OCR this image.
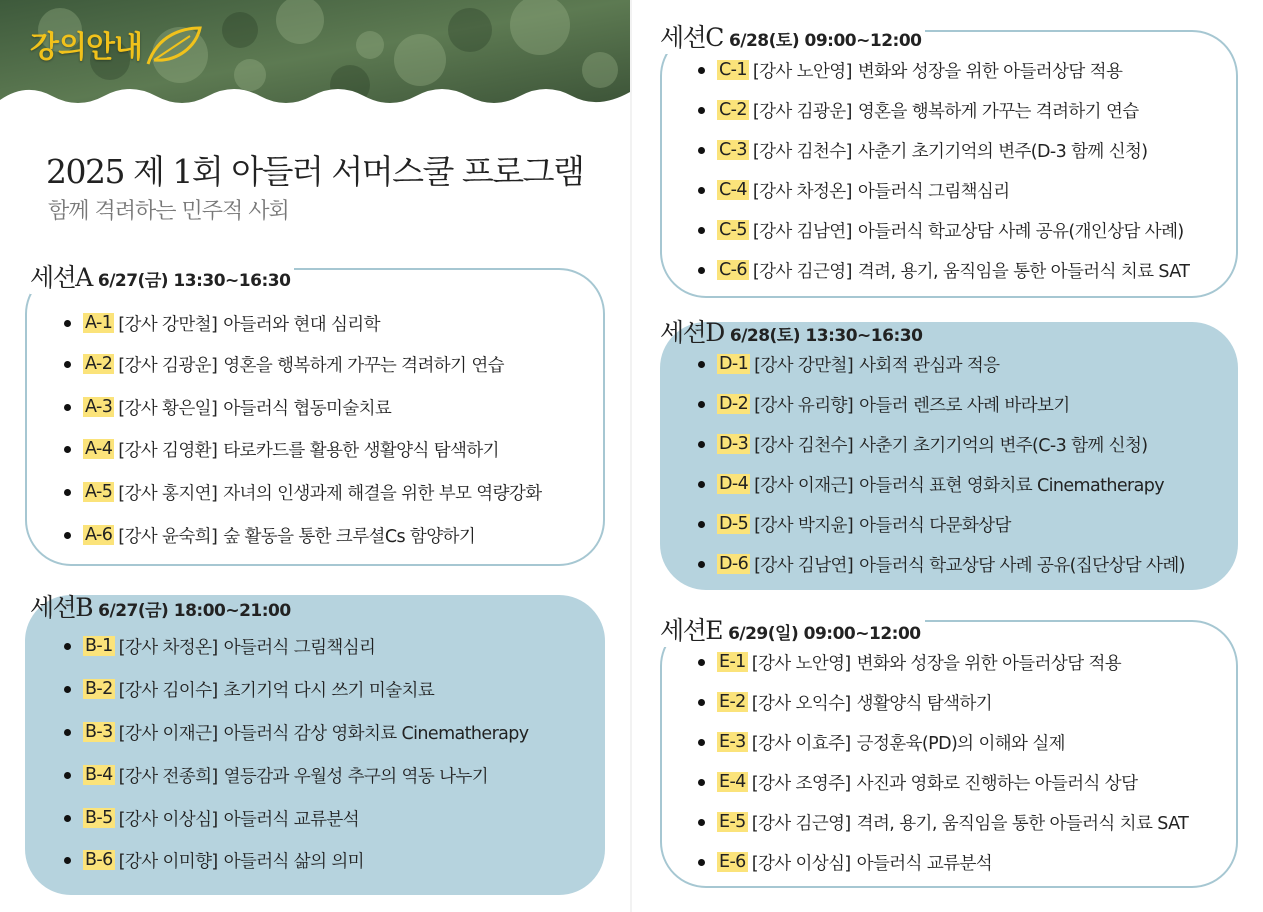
강의안내
2025 제 1회 아들러 서머스쿨 프로그램
함께 격려하는 민주적 사회
세션A 6/27(금) 13:30~16:30
A-1 [강사 강만철] 아들러와 현대 심리학
A-2 [강사 김광운] 영혼을 행복하게 가꾸는 격려하기 연습
A-3 [강사 황은일] 아들러식 협동미술치료
A-4 [강사 김영환] 타로카드를 활용한 생활양식 탐색하기
A-5 [강사 홍지연] 자녀의 인생과제 해결을 위한 부모 역량강화
A-6 [강사 윤숙희] 숲 활동을 통한 크루셜Cs 함양하기
세션B 6/27(금) 18:00~21:00
B-1 [강사 차정온] 아들러식 그림책심리
B-2 [강사 김이수] 초기기억 다시 쓰기 미술치료
B-3 [강사 이재근] 아들러식 감상 영화치료 Cinematherapy
B-4 [강사 전종희] 열등감과 우월성 추구의 역동 나누기
B-5 [강사 이상심] 아들러식 교류분석
B-6 [강사 이미향] 아들러식 삶의 의미
세션C 6/28(토) 09:00~12:00
C-1 [강사 노안영] 변화와 성장을 위한 아들러상담 적용
C-2 [강사 김광운] 영혼을 행복하게 가꾸는 격려하기 연습
C-3 [강사 김천수] 사춘기 초기기억의 변주(D-3 함께 신청)
C-4 [강사 차정온] 아들러식 그림책심리
C-5 [강사 김남연] 아들러식 학교상담 사례 공유(개인상담 사례)
C-6 [강사 김근영] 격려, 용기, 움직임을 통한 아들러식 치료 SAT
세션D 6/28(토) 13:30~16:30
D-1 [강사 강만철] 사회적 관심과 적응
D-2 [강사 유리향] 아들러 렌즈로 사례 바라보기
D-3 [강사 김천수] 사춘기 초기기억의 변주(C-3 함께 신청)
D-4 [강사 이재근] 아들러식 표현 영화치료 Cinematherapy
D-5 [강사 박지윤] 아들러식 다문화상담
D-6 [강사 김남연] 아들러식 학교상담 사례 공유(집단상담 사례)
세션E 6/29(일) 09:00~12:00
E-1 [강사 노안영] 변화와 성장을 위한 아들러상담 적용
E-2 [강사 오익수] 생활양식 탐색하기
E-3 [강사 이효주] 긍정훈육(PD)의 이해와 실제
E-4 [강사 조영주] 사진과 영화로 진행하는 아들러식 상담
E-5 [강사 김근영] 격려, 용기, 움직임을 통한 아들러식 치료 SAT
E-6 [강사 이상심] 아들러식 교류분석
